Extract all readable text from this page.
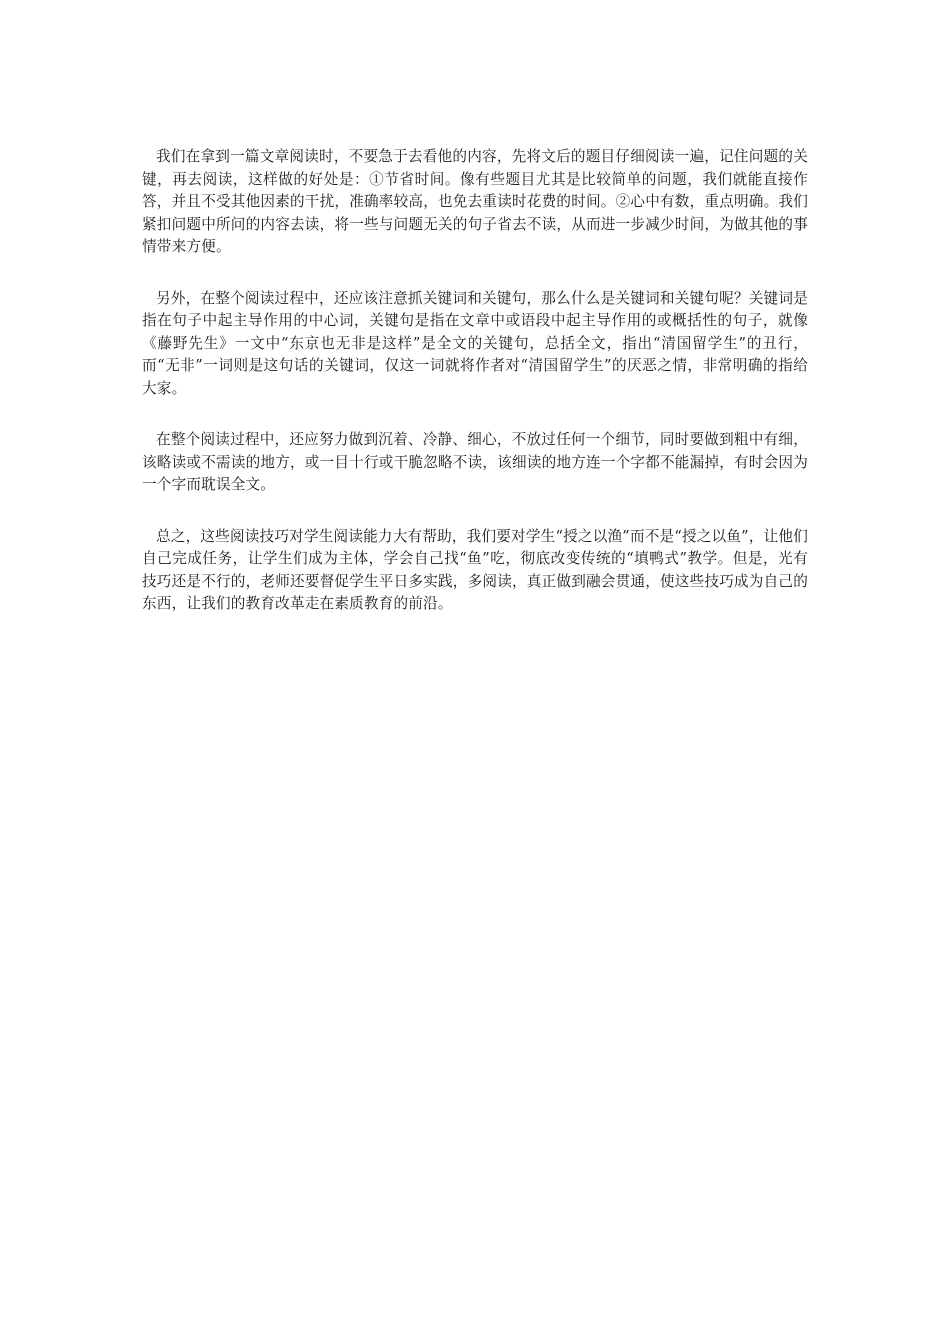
我们在拿到一篇文章阅读时，不要急于去看他的内容，先将文后的题目仔细阅读一遍，记住问题的关键，再去阅读，这样做的好处是：①节省时间。像有些题目尤其是比较简单的问题，我们就能直接作答，并且不受其他因素的干扰，准确率较高，也免去重读时花费的时间。②心中有数，重点明确。我们紧扣问题中所问的内容去读，将一些与问题无关的句子省去不读，从而进一步减少时间，为做其他的事情带来方便。

另外，在整个阅读过程中，还应该注意抓关键词和关键句，那么什么是关键词和关键句呢？关键词是指在句子中起主导作用的中心词，关键句是指在文章中或语段中起主导作用的或概括性的句子，就像《藤野先生》一文中“东京也无非是这样”是全文的关键句，总括全文，指出“清国留学生”的丑行，而“无非”一词则是这句话的关键词，仅这一词就将作者对“清国留学生”的厌恶之情，非常明确的指给大家。

在整个阅读过程中，还应努力做到沉着、冷静、细心，不放过任何一个细节，同时要做到粗中有细，该略读或不需读的地方，或一目十行或干脆忽略不读，该细读的地方连一个字都不能漏掉，有时会因为一个字而耽误全文。

总之，这些阅读技巧对学生阅读能力大有帮助，我们要对学生“授之以渔”而不是“授之以鱼”，让他们自己完成任务，让学生们成为主体，学会自己找“鱼”吃，彻底改变传统的“填鸭式”教学。但是，光有技巧还是不行的，老师还要督促学生平日多实践，多阅读，真正做到融会贯通，使这些技巧成为自己的东西，让我们的教育改革走在素质教育的前沿。
